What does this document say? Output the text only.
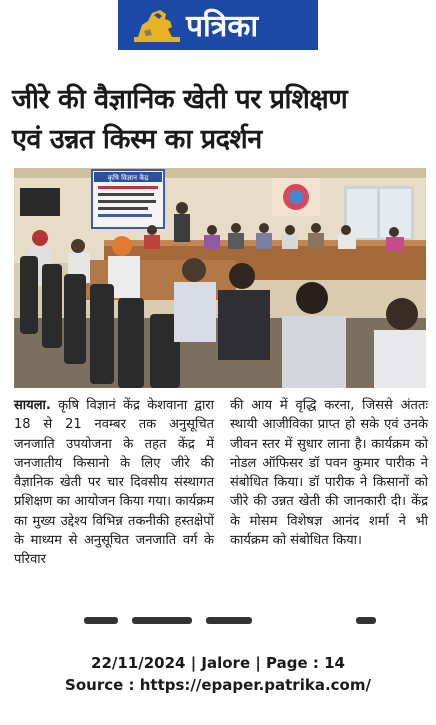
पत्रिका
जीरे की वैज्ञानिक खेती पर प्रशिक्षण
एवं उन्नत किस्म का प्रदर्शन
कृषि विज्ञान केंद्र
सायला. कृषि विज्ञानं केंद्र केशवाना द्वारा 18 से 21 नवम्बर तक अनुसूचित जनजाति उपयोजना के तहत केंद्र में जनजातीय किसानो के लिए जीरे की वैज्ञानिक खेती पर चार दिवसीय संस्थागत प्रशिक्षण का आयोजन किया गया। कार्यक्रम का मुख्य उद्देश्य विभिन्न तकनीकी हस्तक्षेपों के माध्यम से अनुसूचित जनजाति वर्ग के परिवार
की आय में वृद्धि करना, जिससे अंततः स्थायी आजीविका प्राप्त हो सके एवं उनके जीवन स्तर में सुधार लाना है। कार्यक्रम को नोडल ऑफिसर डॉ पवन कुमार पारीक ने संबोधित किया। डॉ पारीक ने किसानों को जीरे की उन्नत खेती की जानकारी दी। केंद्र के मोसम विशेषज्ञ आनंद शर्मा ने भी कार्यक्रम को संबोधित किया।
22/11/2024 | Jalore | Page : 14
Source : https://epaper.patrika.com/
